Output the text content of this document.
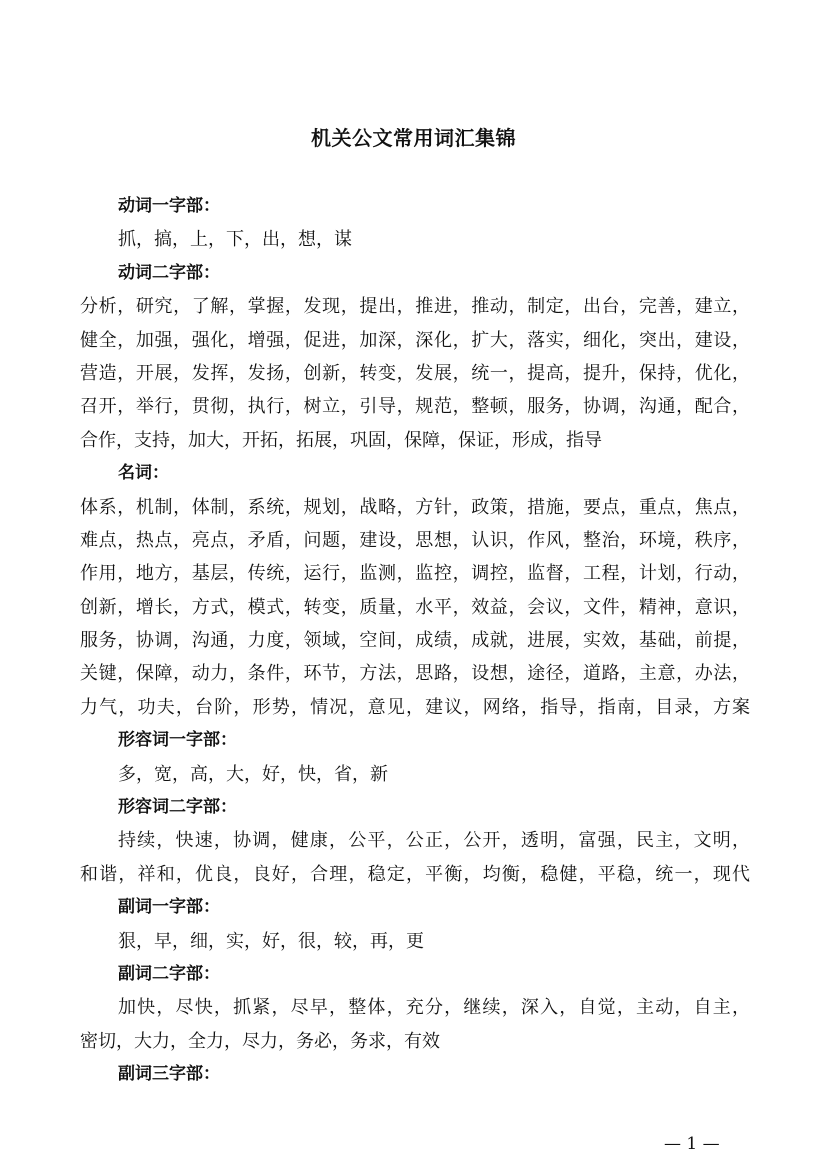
机关公文常用词汇集锦
动词一字部：
抓，搞，上，下，出，想，谋
动词二字部：
分析，研究，了解，掌握，发现，提出，推进，推动，制定，出台，完善，建立，
健全，加强，强化，增强，促进，加深，深化，扩大，落实，细化，突出，建设，
营造，开展，发挥，发扬，创新，转变，发展，统一，提高，提升，保持，优化，
召开，举行，贯彻，执行，树立，引导，规范，整顿，服务，协调，沟通，配合，
合作，支持，加大，开拓，拓展，巩固，保障，保证，形成，指导
名词：
体系，机制，体制，系统，规划，战略，方针，政策，措施，要点，重点，焦点，
难点，热点，亮点，矛盾，问题，建设，思想，认识，作风，整治，环境，秩序，
作用，地方，基层，传统，运行，监测，监控，调控，监督，工程，计划，行动，
创新，增长，方式，模式，转变，质量，水平，效益，会议，文件，精神，意识，
服务，协调，沟通，力度，领域，空间，成绩，成就，进展，实效，基础，前提，
关键，保障，动力，条件，环节，方法，思路，设想，途径，道路，主意，办法，
力气，功夫，台阶，形势，情况，意见，建议，网络，指导，指南，目录，方案
形容词一字部：
多，宽，高，大，好，快，省，新
形容词二字部：
持续，快速，协调，健康，公平，公正，公开，透明，富强，民主，文明，
和谐，祥和，优良，良好，合理，稳定，平衡，均衡，稳健，平稳，统一，现代
副词一字部：
狠，早，细，实，好，很，较，再，更
副词二字部：
加快，尽快，抓紧，尽早，整体，充分，继续，深入，自觉，主动，自主，
密切，大力，全力，尽力，务必，务求，有效
副词三字部：
— 1 —
